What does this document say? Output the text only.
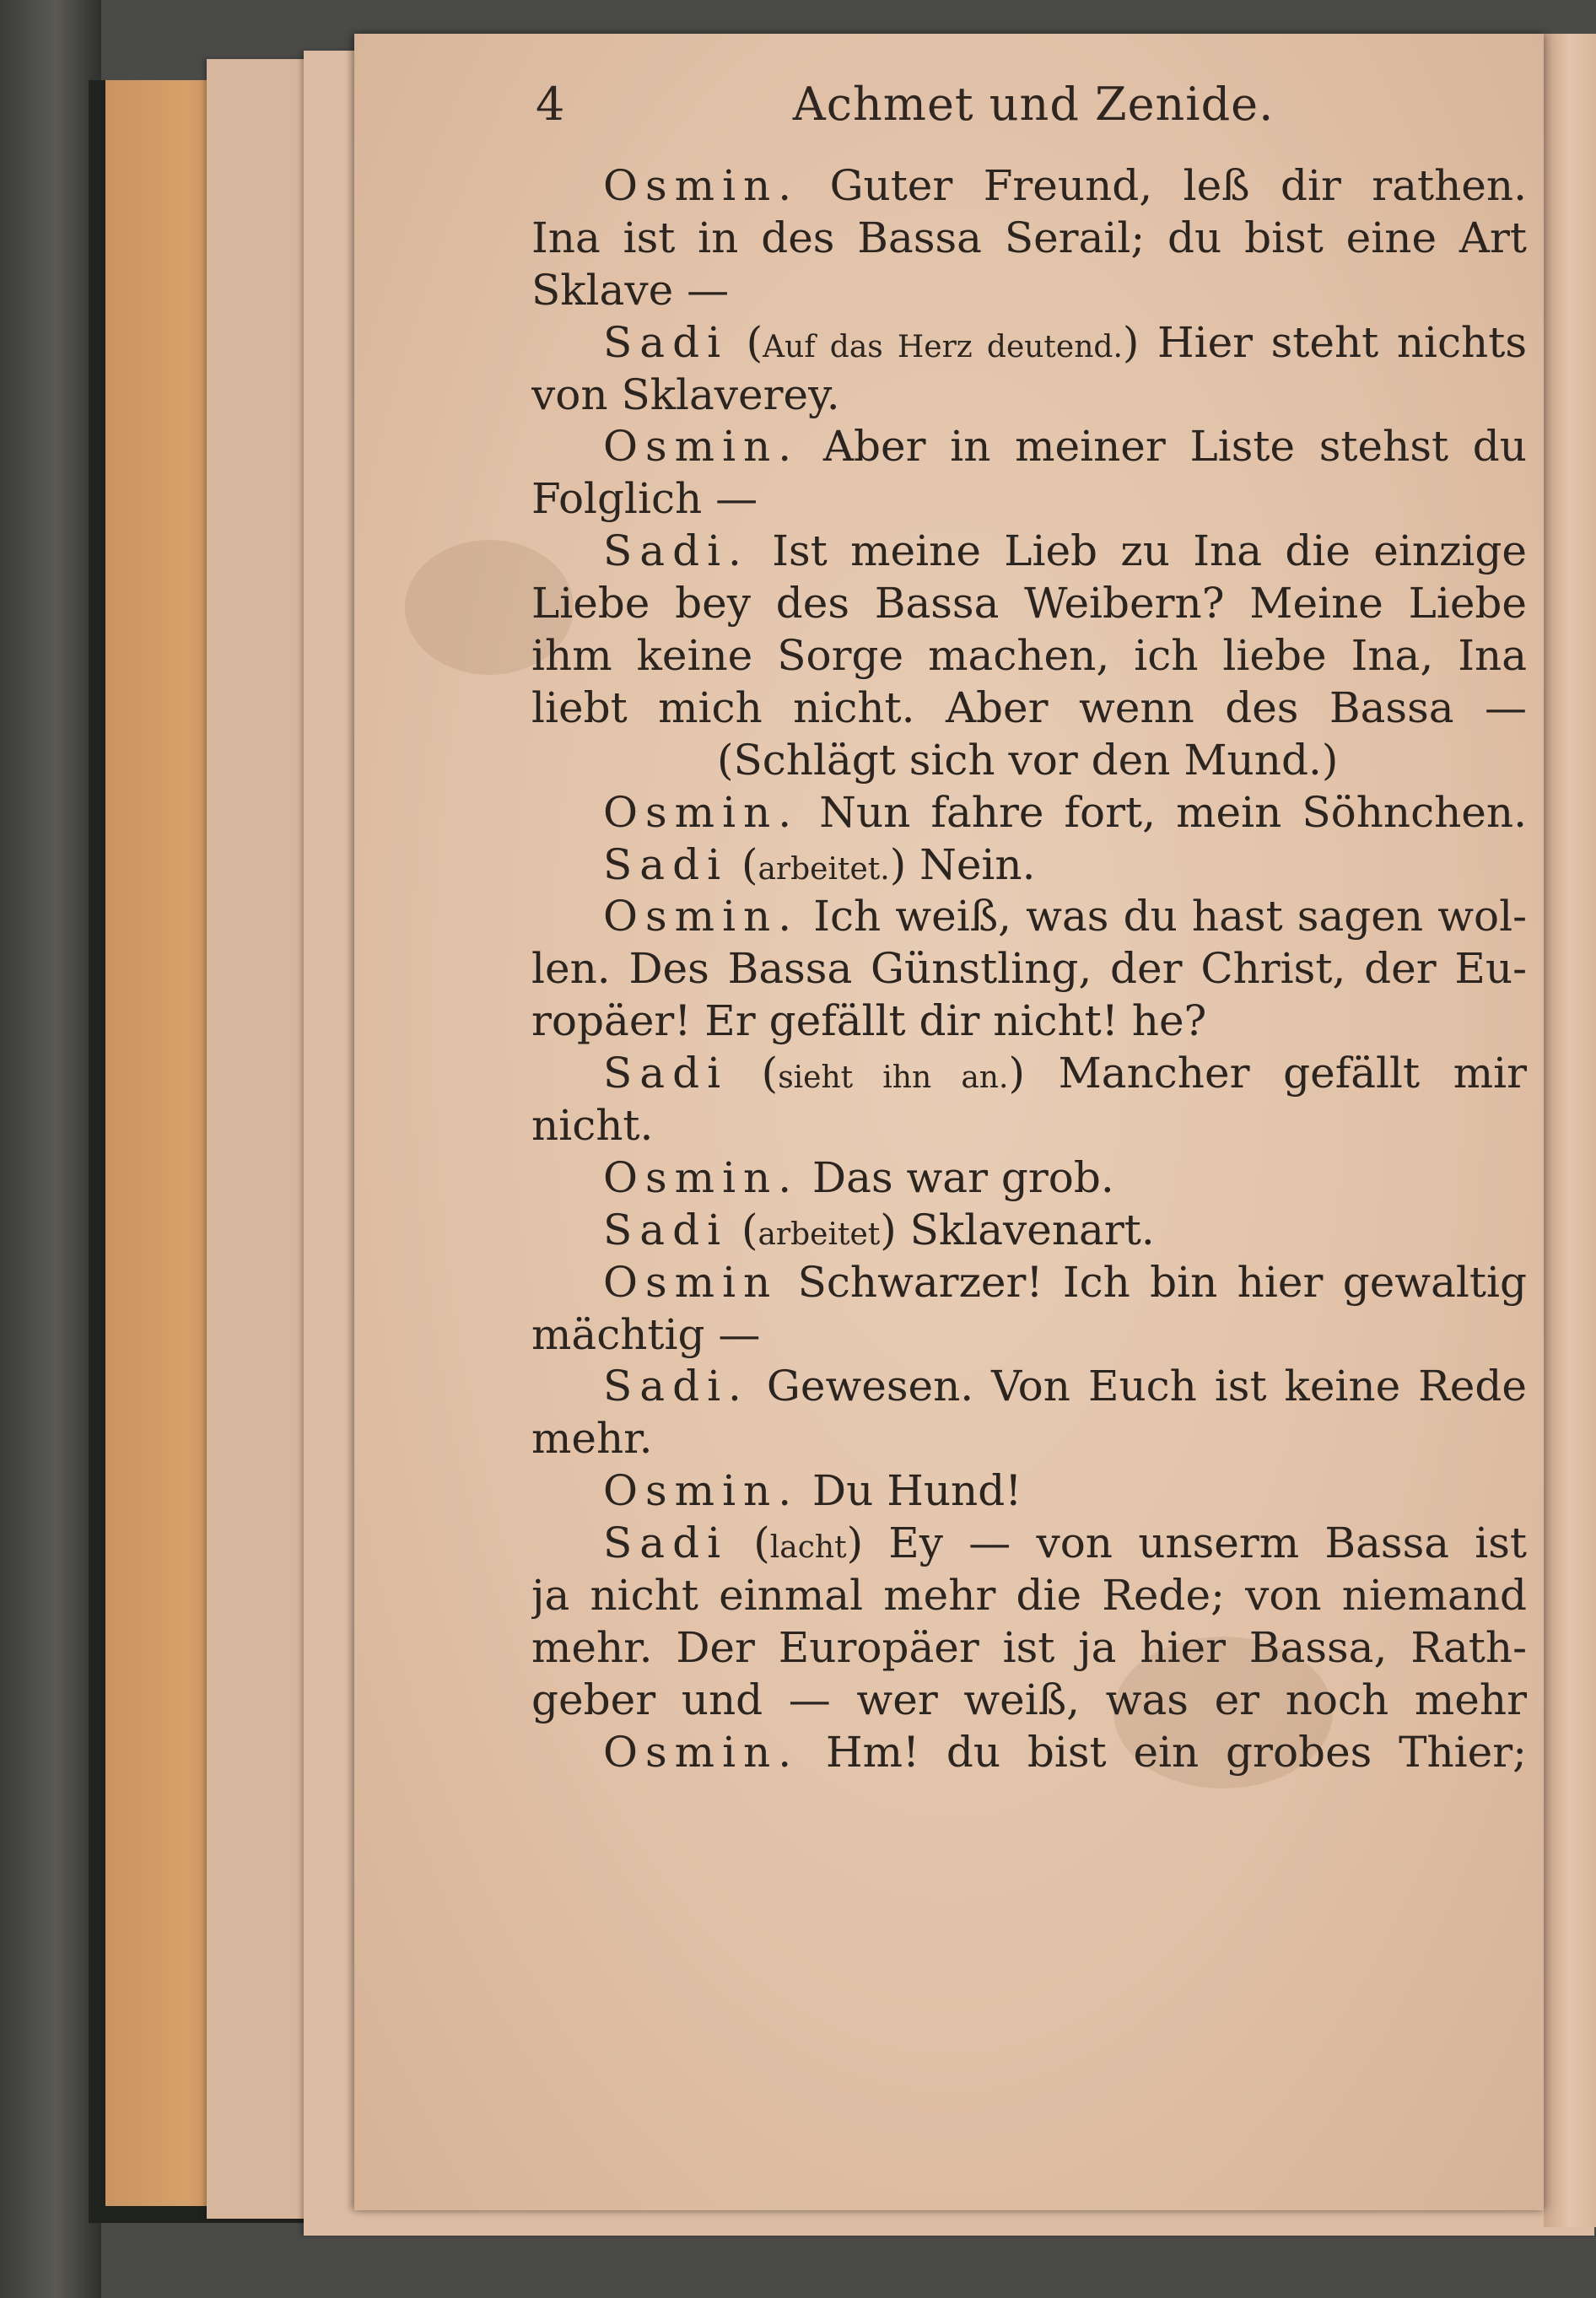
4	Achmet und Zenide.
Osmin. Guter Freund, leß dir rathen.
Ina ist in des Bassa Serail; du bist eine Art
Sklave —
Sadi (Auf das Herz deutend.) Hier steht nichts
von Sklaverey.
Osmin. Aber in meiner Liste stehst du
Folglich —
Sadi. Ist meine Lieb zu Ina die einzige
Liebe bey des Bassa Weibern? Meine Liebe
ihm keine Sorge machen, ich liebe Ina, Ina
liebt mich nicht. Aber wenn des Bassa —
(Schlägt sich vor den Mund.)
Osmin. Nun fahre fort, mein Söhnchen.
Sadi (arbeitet.) Nein.
Osmin. Ich weiß, was du hast sagen wol-
len. Des Bassa Günstling, der Christ, der Eu-
ropäer! Er gefällt dir nicht! he?
Sadi (sieht ihn an.) Mancher gefällt mir
nicht.
Osmin. Das war grob.
Sadi (arbeitet) Sklavenart.
Osmin Schwarzer! Ich bin hier gewaltig
mächtig —
Sadi. Gewesen. Von Euch ist keine Rede
mehr.
Osmin. Du Hund!
Sadi (lacht) Ey — von unserm Bassa ist
ja nicht einmal mehr die Rede; von niemand
mehr. Der Europäer ist ja hier Bassa, Rath-
geber und — wer weiß, was er noch mehr
Osmin. Hm! du bist ein grobes Thier;
